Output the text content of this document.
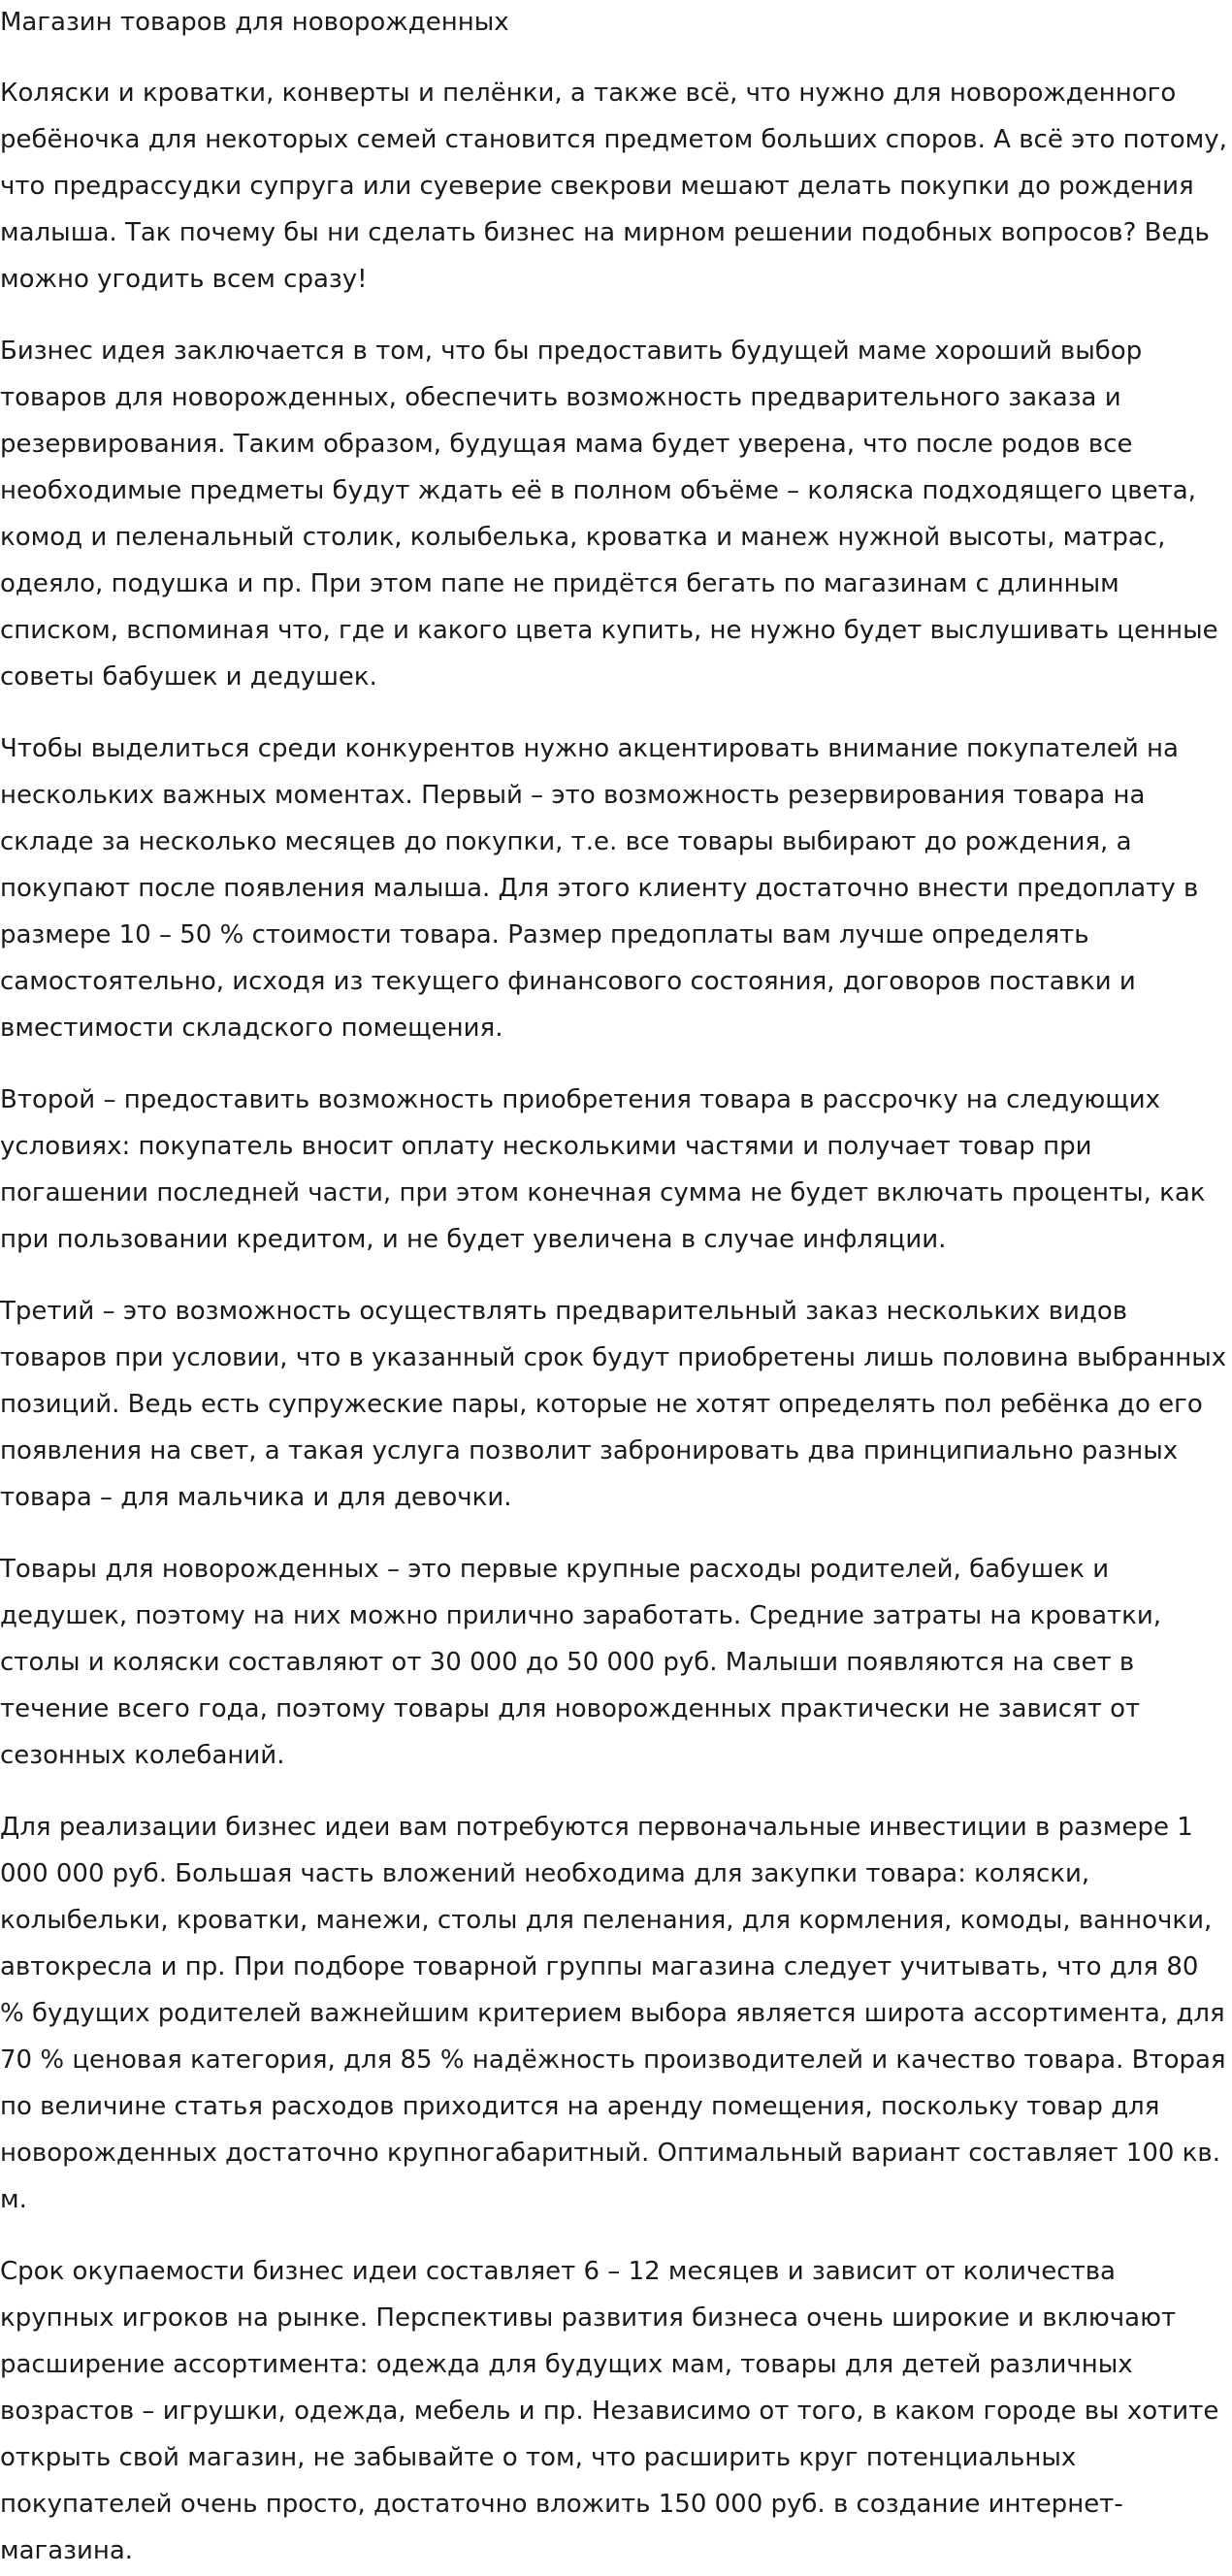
Магазин товаров для новорожденных

Коляски и кроватки, конверты и пелёнки, а также всё, что нужно для новорожденного ребёночка для некоторых семей становится предметом больших споров. А всё это потому, что предрассудки супруга или суеверие свекрови мешают делать покупки до рождения малыша. Так почему бы ни сделать бизнес на мирном решении подобных вопросов? Ведь можно угодить всем сразу!

Бизнес идея заключается в том, что бы предоставить будущей маме хороший выбор товаров для новорожденных, обеспечить возможность предварительного заказа и резервирования. Таким образом, будущая мама будет уверена, что после родов все необходимые предметы будут ждать её в полном объёме – коляска подходящего цвета, комод и пеленальный столик, колыбелька, кроватка и манеж нужной высоты, матрас, одеяло, подушка и пр. При этом папе не придётся бегать по магазинам с длинным списком, вспоминая что, где и какого цвета купить, не нужно будет выслушивать ценные советы бабушек и дедушек.

Чтобы выделиться среди конкурентов нужно акцентировать внимание покупателей на нескольких важных моментах. Первый – это возможность резервирования товара на складе за несколько месяцев до покупки, т.е. все товары выбирают до рождения, а покупают после появления малыша. Для этого клиенту достаточно внести предоплату в размере 10 – 50 % стоимости товара. Размер предоплаты вам лучше определять самостоятельно, исходя из текущего финансового состояния, договоров поставки и вместимости складского помещения.

Второй – предоставить возможность приобретения товара в рассрочку на следующих условиях: покупатель вносит оплату несколькими частями и получает товар при погашении последней части, при этом конечная сумма не будет включать проценты, как при пользовании кредитом, и не будет увеличена в случае инфляции.

Третий – это возможность осуществлять предварительный заказ нескольких видов товаров при условии, что в указанный срок будут приобретены лишь половина выбранных позиций. Ведь есть супружеские пары, которые не хотят определять пол ребёнка до его появления на свет, а такая услуга позволит забронировать два принципиально разных товара – для мальчика и для девочки.

Товары для новорожденных – это первые крупные расходы родителей, бабушек и дедушек, поэтому на них можно прилично заработать. Средние затраты на кроватки, столы и коляски составляют от 30 000 до 50 000 руб. Малыши появляются на свет в течение всего года, поэтому товары для новорожденных практически не зависят от сезонных колебаний.

Для реализации бизнес идеи вам потребуются первоначальные инвестиции в размере 1 000 000 руб. Большая часть вложений необходима для закупки товара: коляски, колыбельки, кроватки, манежи, столы для пеленания, для кормления, комоды, ванночки, автокресла и пр. При подборе товарной группы магазина следует учитывать, что для 80 % будущих родителей важнейшим критерием выбора является широта ассортимента, для 70 % ценовая категория, для 85 % надёжность производителей и качество товара. Вторая по величине статья расходов приходится на аренду помещения, поскольку товар для новорожденных достаточно крупногабаритный. Оптимальный вариант составляет 100 кв. м.

Срок окупаемости бизнес идеи составляет 6 – 12 месяцев и зависит от количества крупных игроков на рынке. Перспективы развития бизнеса очень широкие и включают расширение ассортимента: одежда для будущих мам, товары для детей различных возрастов – игрушки, одежда, мебель и пр. Независимо от того, в каком городе вы хотите открыть свой магазин, не забывайте о том, что расширить круг потенциальных покупателей очень просто, достаточно вложить 150 000 руб. в создание интернет-магазина.
